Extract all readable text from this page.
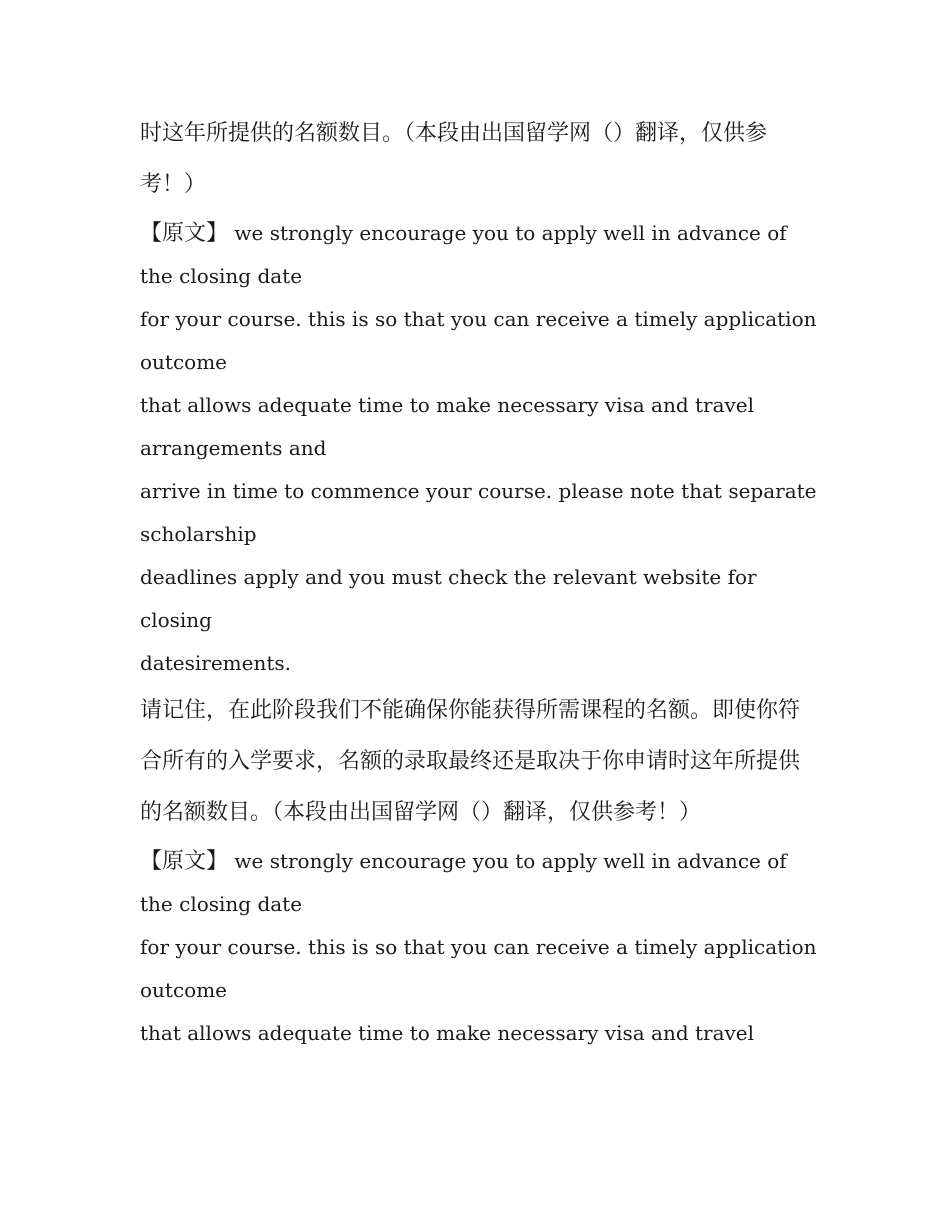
时这年所提供的名额数目。（本段由出国留学网（）翻译，仅供参考！）

【原文】 we strongly encourage you to apply well in advance of the closing date

for your course. this is so that you can receive a timely application outcome

that allows adequate time to make necessary visa and travel arrangements and

arrive in time to commence your course. please note that separate scholarship

deadlines apply and you must check the relevant website for closing

datesirements.

请记住，在此阶段我们不能确保你能获得所需课程的名额。即使你符合所有的入学要求，名额的录取最终还是取决于你申请时这年所提供的名额数目。（本段由出国留学网（）翻译，仅供参考！）

【原文】 we strongly encourage you to apply well in advance of the closing date

for your course. this is so that you can receive a timely application outcome

that allows adequate time to make necessary visa and travel
